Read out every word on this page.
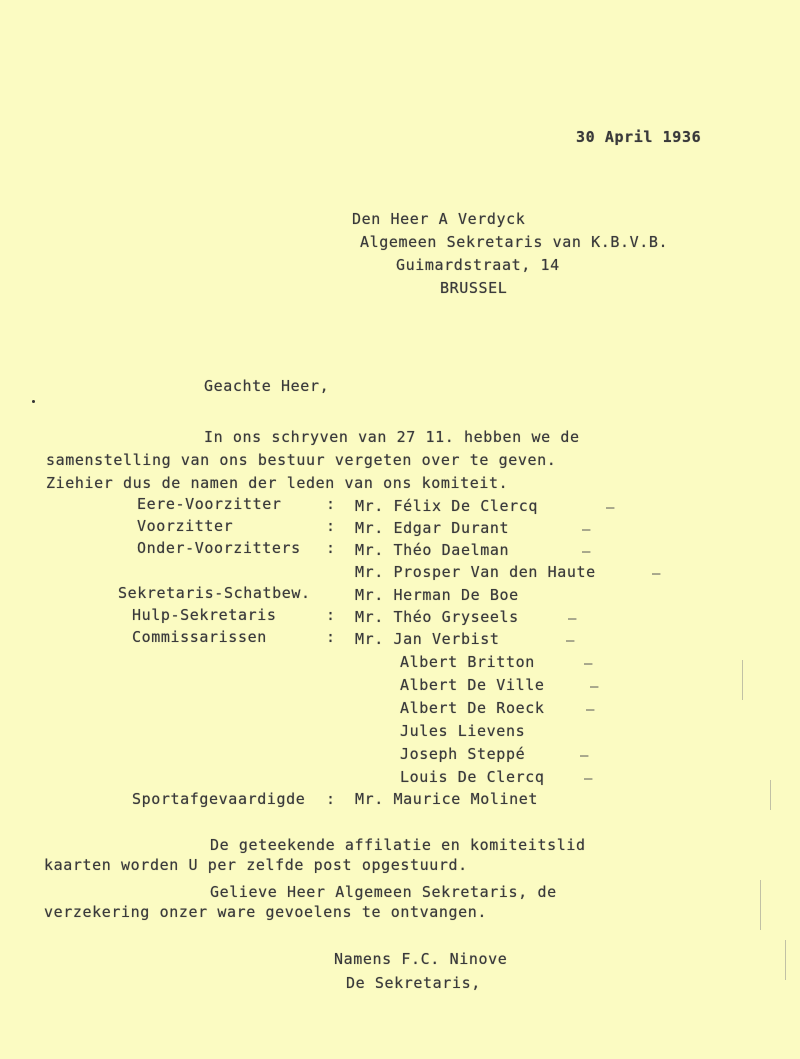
30 April 1936
Den Heer A Verdyck
Algemeen Sekretaris van K.B.V.B.
Guimardstraat, 14
BRUSSEL
Geachte Heer,
In ons schryven van 27 11. hebben we de
samenstelling van ons bestuur vergeten over te geven.
Ziehier dus de namen der leden van ons komiteit.
Eere-Voorzitter	: Mr. Félix De Clercq	—
Voorzitter	: Mr. Edgar Durant	—
Onder-Voorzitters : Mr. Théo Daelman	—
Mr. Prosper Van den Haute	—
Sekretaris-Schatbew.	Mr. Herman De Boe
Hulp-Sekretaris	: Mr. Théo Gryseels	—
Commissarissen	: Mr. Jan Verbist	—
Albert Britton	—
Albert De Ville	—
Albert De Roeck	—
Jules Lievens
Joseph Steppé	—
Louis De Clercq	—
Sportafgevaardigde : Mr. Maurice Molinet
De geteekende affilatie en komiteitslid
kaarten worden U per zelfde post opgestuurd.
Gelieve Heer Algemeen Sekretaris, de
verzekering onzer ware gevoelens te ontvangen.
Namens F.C. Ninove
De Sekretaris,
